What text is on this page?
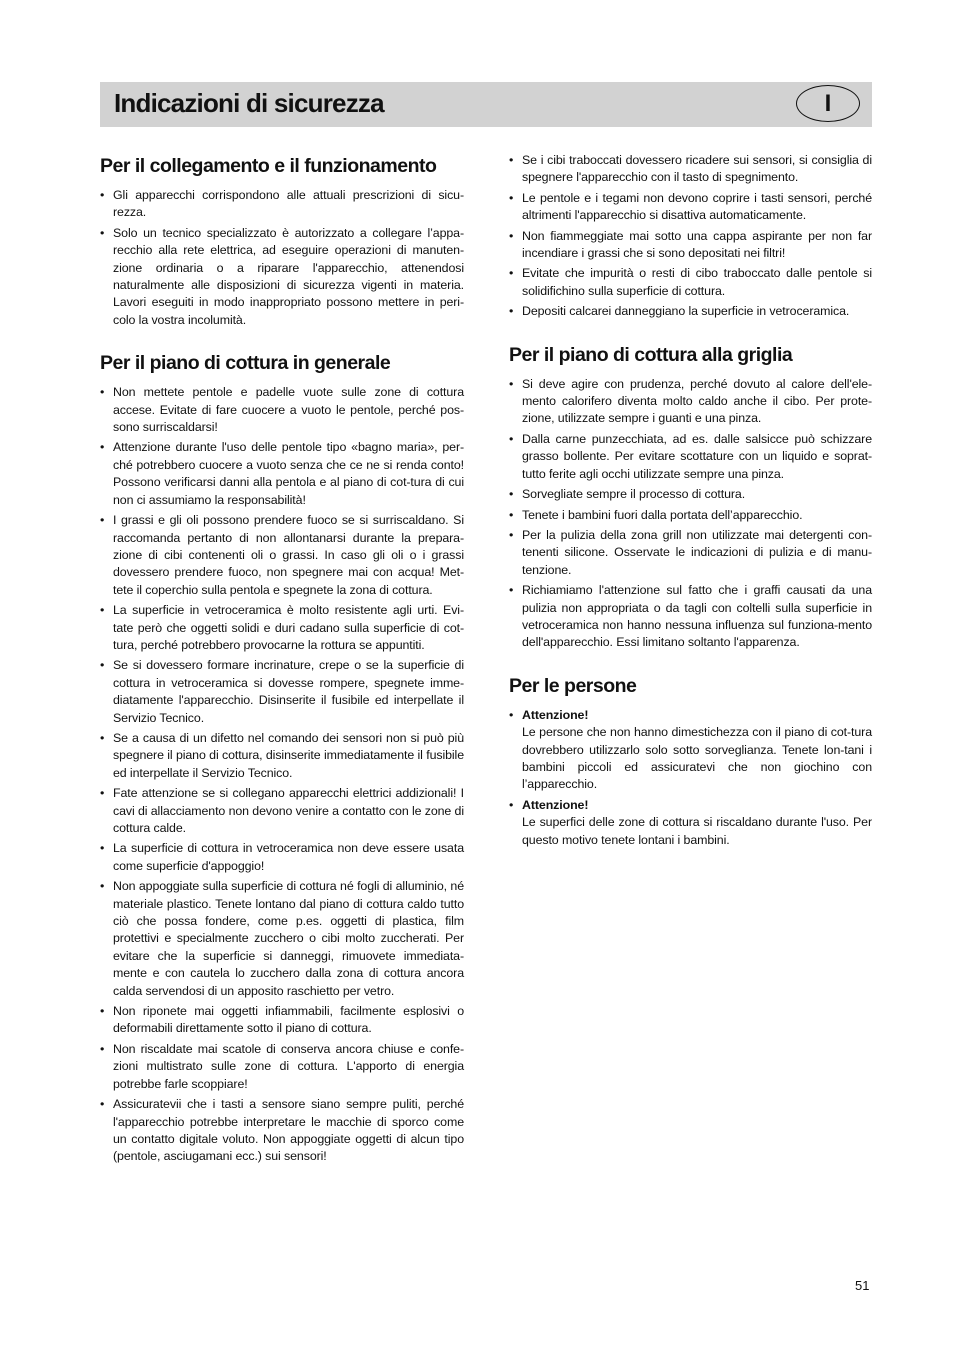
Indicazioni di sicurezza	I
Per il collegamento e il funzionamento
• Gli apparecchi corrispondono alle attuali prescrizioni di sicu-rezza.
• Solo un tecnico specializzato è autorizzato a collegare l’appa-recchio alla rete elettrica, ad eseguire operazioni di manuten-zione ordinaria o a riparare l'apparecchio, attenendosi naturalmente alle disposizioni di sicurezza vigenti in materia. Lavori eseguiti in modo inappropriato possono mettere in peri-colo la vostra incolumità.
Per il piano di cottura in generale
• Non mettete pentole e padelle vuote sulle zone di cottura accese. Evitate di fare cuocere a vuoto le pentole, perché pos-sono surriscaldarsi!
• Attenzione durante l'uso delle pentole tipo «bagno maria», per-ché potrebbero cuocere a vuoto senza che ce ne si renda conto! Possono verificarsi danni alla pentola e al piano di cot-tura di cui non ci assumiamo la responsabilità!
• I grassi e gli oli possono prendere fuoco se si surriscaldano. Si raccomanda pertanto di non allontanarsi durante la prepara-zione di cibi contenenti oli o grassi. In caso gli oli o i grassi dovessero prendere fuoco, non spegnere mai con acqua! Met-tete il coperchio sulla pentola e spegnete la zona di cottura.
• La superficie in vetroceramica è molto resistente agli urti. Evi-tate però che oggetti solidi e duri cadano sulla superficie di cot-tura, perché potrebbero provocarne la rottura se appuntiti.
• Se si dovessero formare incrinature, crepe o se la superficie di cottura in vetroceramica si dovesse rompere, spegnete imme-diatamente l'apparecchio. Disinserite il fusibile ed interpellate il Servizio Tecnico.
• Se a causa di un difetto nel comando dei sensori non si può più spegnere il piano di cottura, disinserite immediatamente il fusibile ed interpellate il Servizio Tecnico.
• Fate attenzione se si collegano apparecchi elettrici addizionali! I cavi di allacciamento non devono venire a contatto con le zone di cottura calde.
• La superficie di cottura in vetroceramica non deve essere usata come superficie d'appoggio!
• Non appoggiate sulla superficie di cottura né fogli di alluminio, né materiale plastico. Tenete lontano dal piano di cottura caldo tutto ciò che possa fondere, come p.es. oggetti di plastica, film protettivi e specialmente zucchero o cibi molto zuccherati. Per evitare che la superficie si danneggi, rimuovete immediata-mente e con cautela lo zucchero dalla zona di cottura ancora calda servendosi di un apposito raschietto per vetro.
• Non riponete mai oggetti infiammabili, facilmente esplosivi o deformabili direttamente sotto il piano di cottura.
• Non riscaldate mai scatole di conserva ancora chiuse e confe-zioni multistrato sulle zone di cottura. L'apporto di energia potrebbe farle scoppiare!
• Assicuratevii che i tasti a sensore siano sempre puliti, perché l'apparecchio potrebbe interpretare le macchie di sporco come un contatto digitale voluto. Non appoggiate oggetti di alcun tipo (pentole, asciugamani ecc.) sui sensori!
• Se i cibi traboccati dovessero ricadere sui sensori, si consiglia di spegnere l'apparecchio con il tasto di spegnimento.
• Le pentole e i tegami non devono coprire i tasti sensori, perché altrimenti l'apparecchio si disattiva automaticamente.
• Non fiammeggiate mai sotto una cappa aspirante per non far incendiare i grassi che si sono depositati nei filtri!
• Evitate che impurità o resti di cibo traboccato dalle pentole si solidifichino sulla superficie di cottura.
• Depositi calcarei danneggiano la superficie in vetroceramica.
Per il piano di cottura alla griglia
• Si deve agire con prudenza, perché dovuto al calore dell'ele-mento calorifero diventa molto caldo anche il cibo. Per prote-zione, utilizzate sempre i guanti e una pinza.
• Dalla carne punzecchiata, ad es. dalle salsicce può schizzare grasso bollente. Per evitare scottature con un liquido e soprat-tutto ferite agli occhi utilizzate sempre una pinza.
• Sorvegliate sempre il processo di cottura.
• Tenete i bambini fuori dalla portata dell’apparecchio.
• Per la pulizia della zona grill non utilizzate mai detergenti con-tenenti silicone. Osservate le indicazioni di pulizia e di manu-tenzione.
• Richiamiamo l'attenzione sul fatto che i graffi causati da una pulizia non appropriata o da tagli con coltelli sulla superficie in vetroceramica non hanno nessuna influenza sul funziona-mento dell'apparecchio. Essi limitano soltanto l'apparenza.
Per le persone
• Attenzione!
Le persone che non hanno dimestichezza con il piano di cot-tura dovrebbero utilizzarlo solo sotto sorveglianza. Tenete lon-tani i bambini piccoli ed assicuratevi che non giochino con l’apparecchio.
• Attenzione!
Le superfici delle zone di cottura si riscaldano durante l'uso. Per questo motivo tenete lontani i bambini.
51
